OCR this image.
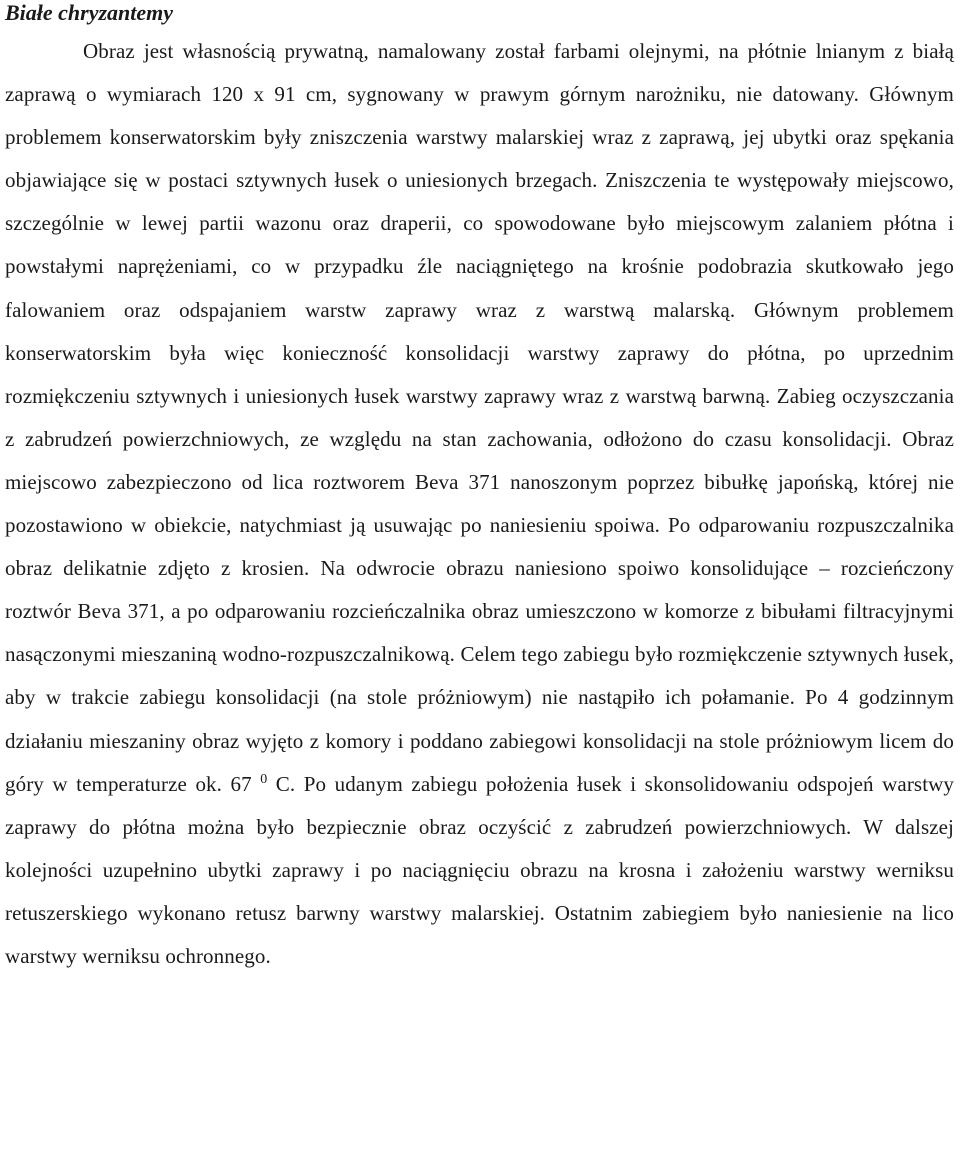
Białe chryzantemy

Obraz jest własnością prywatną, namalowany został farbami olejnymi, na płótnie lnianym z białą zaprawą o wymiarach 120 x 91 cm, sygnowany w prawym górnym narożniku, nie datowany. Głównym problemem konserwatorskim były zniszczenia warstwy malarskiej wraz z zaprawą, jej ubytki oraz spękania objawiające się w postaci sztywnych łusek o uniesionych brzegach. Zniszczenia te występowały miejscowo, szczególnie w lewej partii wazonu oraz draperii, co spowodowane było miejscowym zalaniem płótna i powstałymi naprężeniami, co w przypadku źle naciągniętego na krośnie podobrazia skutkowało jego falowaniem oraz odspajaniem warstw zaprawy wraz z warstwą malarską. Głównym problemem konserwatorskim była więc konieczność konsolidacji warstwy zaprawy do płótna, po uprzednim rozmiękczeniu sztywnych i uniesionych łusek warstwy zaprawy wraz z warstwą barwną. Zabieg oczyszczania z zabrudzeń powierzchniowych, ze względu na stan zachowania, odłożono do czasu konsolidacji. Obraz miejscowo zabezpieczono od lica roztworem Beva 371 nanoszonym poprzez bibułkę japońską, której nie pozostawiono w obiekcie, natychmiast ją usuwając po naniesieniu spoiwa. Po odparowaniu rozpuszczalnika obraz delikatnie zdjęto z krosien. Na odwrocie obrazu naniesiono spoiwo konsolidujące – rozcieńczony roztwór Beva 371, a po odparowaniu rozcieńczalnika obraz umieszczono w komorze z bibułami filtracyjnymi nasączonymi mieszaniną wodno-rozpuszczalnikową. Celem tego zabiegu było rozmiękczenie sztywnych łusek, aby w trakcie zabiegu konsolidacji (na stole próżniowym) nie nastąpiło ich połamanie. Po 4 godzinnym działaniu mieszaniny obraz wyjęto z komory i poddano zabiegowi konsolidacji na stole próżniowym licem do góry w temperaturze ok. 67 $^0$ C. Po udanym zabiegu położenia łusek i skonsolidowaniu odspojeń warstwy zaprawy do płótna można było bezpiecznie obraz oczyścić z zabrudzeń powierzchniowych. W dalszej kolejności uzupełnino ubytki zaprawy i po naciągnięciu obrazu na krosna i założeniu warstwy werniksu retuszerskiego wykonano retusz barwny warstwy malarskiej. Ostatnim zabiegiem było naniesienie na lico warstwy werniksu ochronnego.
